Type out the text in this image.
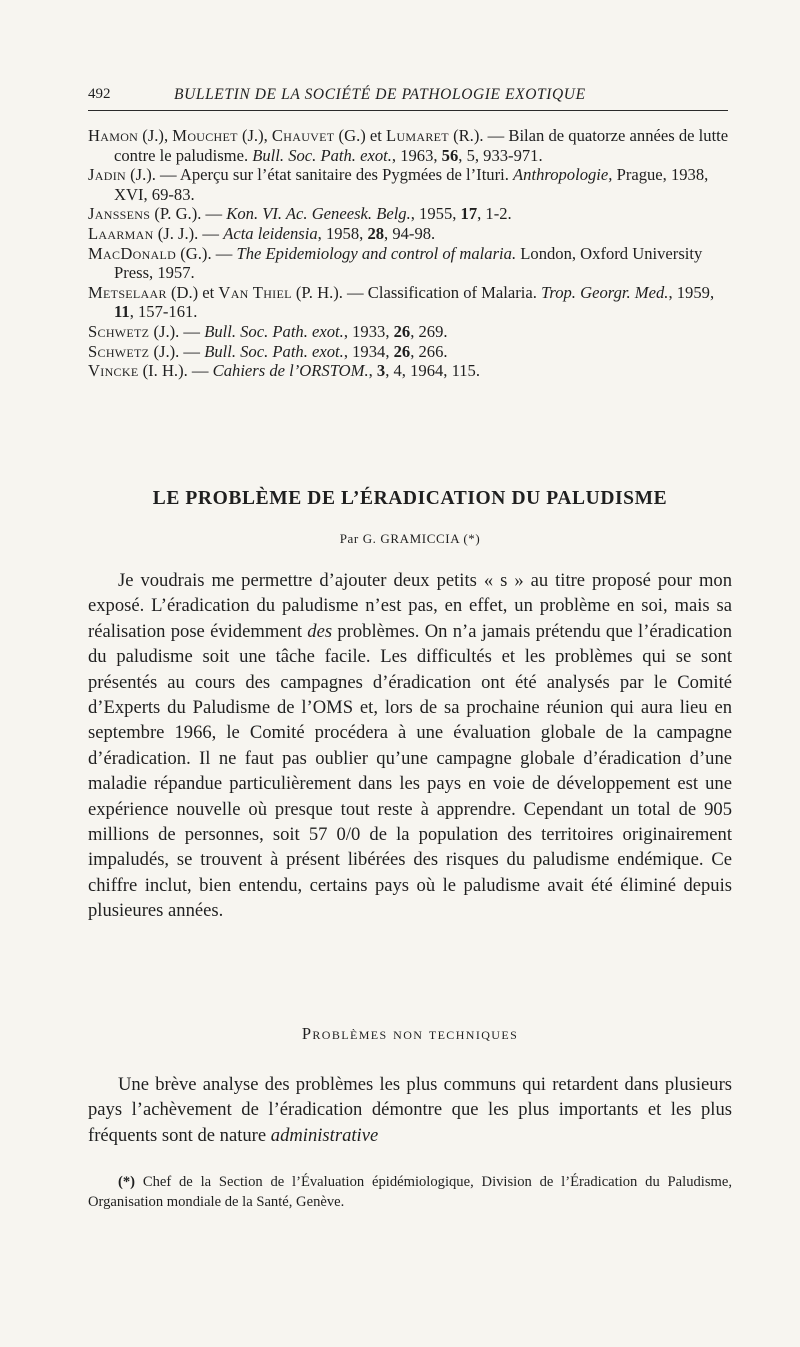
492	BULLETIN DE LA SOCIÉTÉ DE PATHOLOGIE EXOTIQUE

Hamon (J.), Mouchet (J.), Chauvet (G.) et Lumaret (R.). — Bilan de quatorze années de lutte contre le paludisme. Bull. Soc. Path. exot., 1963, 56, 5, 933-971.

Jadin (J.). — Aperçu sur l’état sanitaire des Pygmées de l’Ituri. Anthropologie, Prague, 1938, XVI, 69-83.

Janssens (P. G.). — Kon. VI. Ac. Geneesk. Belg., 1955, 17, 1-2.

Laarman (J. J.). — Acta leidensia, 1958, 28, 94-98.

MacDonald (G.). — The Epidemiology and control of malaria. London, Oxford University Press, 1957.

Metselaar (D.) et Van Thiel (P. H.). — Classification of Malaria. Trop. Georgr. Med., 1959, 11, 157-161.

Schwetz (J.). — Bull. Soc. Path. exot., 1933, 26, 269.

Schwetz (J.). — Bull. Soc. Path. exot., 1934, 26, 266.

Vincke (I. H.). — Cahiers de l’ORSTOM., 3, 4, 1964, 115.

LE PROBLÈME DE L’ÉRADICATION DU PALUDISME
Par G. GRAMICCIA (*)

Je voudrais me permettre d’ajouter deux petits « s » au titre proposé pour mon exposé. L’éradication du paludisme n’est pas, en effet, un problème en soi, mais sa réalisation pose évidemment des problèmes. On n’a jamais prétendu que l’éradication du paludisme soit une tâche facile. Les difficultés et les problèmes qui se sont présentés au cours des campagnes d’éradication ont été analysés par le Comité d’Experts du Paludisme de l’OMS et, lors de sa prochaine réunion qui aura lieu en septembre 1966, le Comité procédera à une évaluation globale de la campagne d’éradication. Il ne faut pas oublier qu’une campagne globale d’éradication d’une maladie répandue particulièrement dans les pays en voie de développement est une expérience nouvelle où presque tout reste à apprendre. Cependant un total de 905 millions de personnes, soit 57 0/0 de la population des territoires originairement impaludés, se trouvent à présent libérées des risques du paludisme endémique. Ce chiffre inclut, bien entendu, certains pays où le paludisme avait été éliminé depuis plusieures années.

Problèmes non techniques

Une brève analyse des problèmes les plus communs qui retardent dans plusieurs pays l’achèvement de l’éradication démontre que les plus importants et les plus fréquents sont de nature administrative

(*) Chef de la Section de l’Évaluation épidémiologique, Division de l’Éradication du Paludisme, Organisation mondiale de la Santé, Genève.
